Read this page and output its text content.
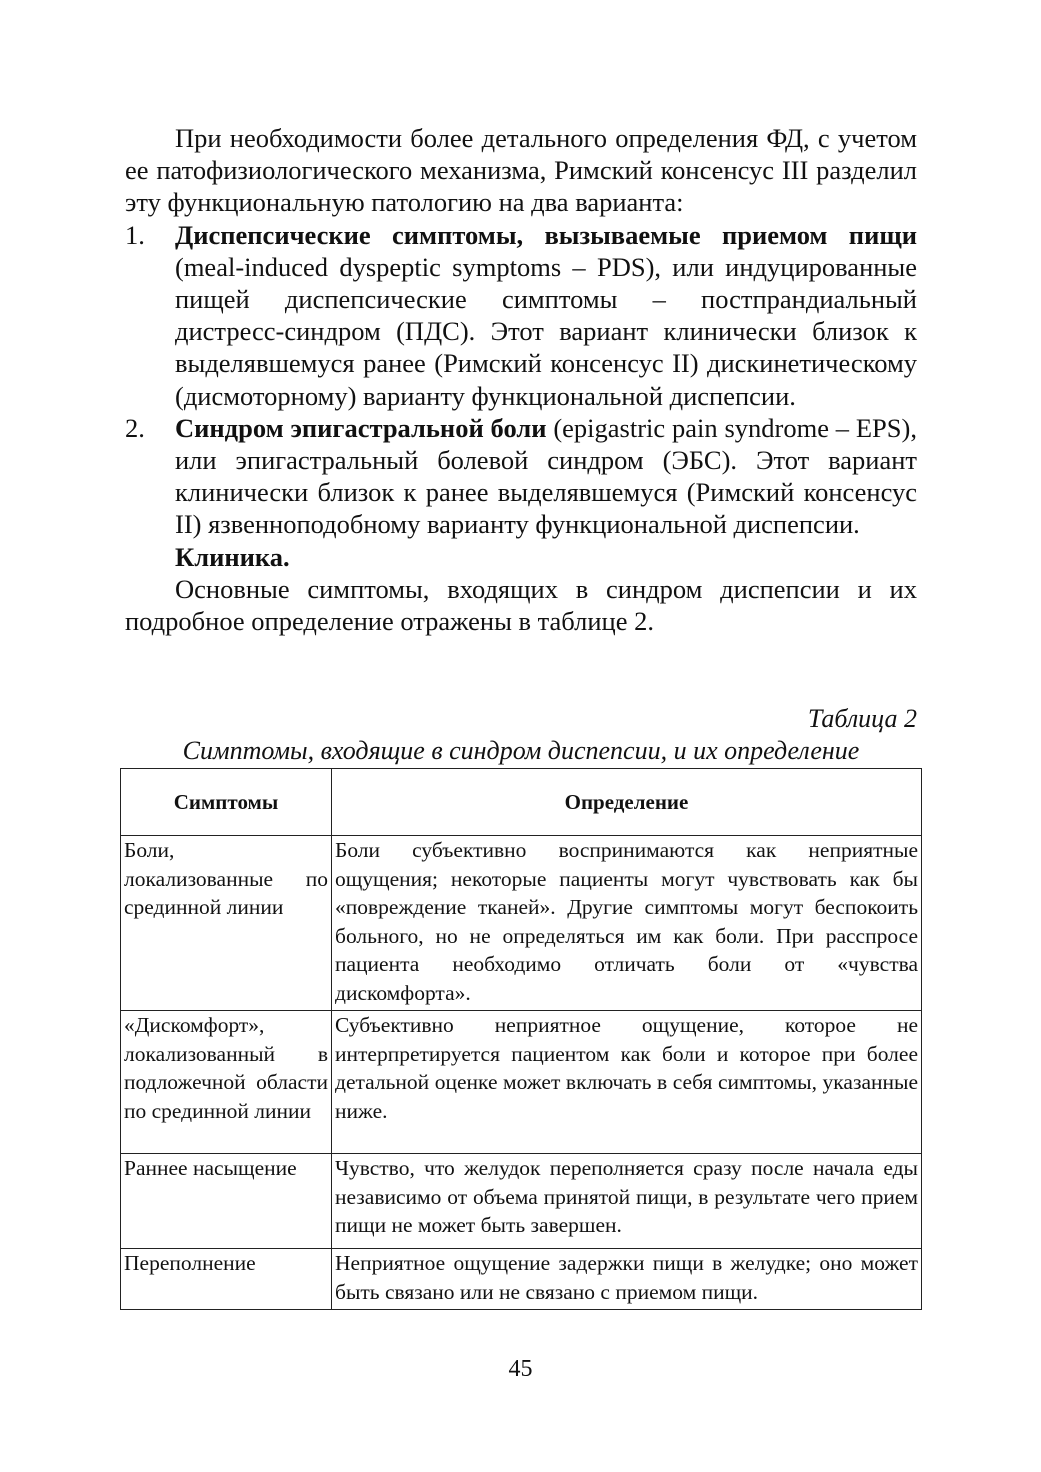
При необходимости более детального определения ФД, с учетом ее патофизиологического механизма, Римский консенсус III разделил эту функциональную патологию на два варианта:

1. Диспепсические симптомы, вызываемые приемом пищи (meal-induced dyspeptic symptoms – PDS), или индуцированные пищей диспепсические симптомы – постпрандиальный дистресс-синдром (ПДС). Этот вариант клинически близок к выделявшемуся ранее (Римский консенсус II) дискинетическому (дисмоторному) варианту функциональной диспепсии.
2. Синдром эпигастральной боли (epigastric pain syndrome – EPS), или эпигастральный болевой синдром (ЭБС). Этот вариант клинически близок к ранее выделявшемуся (Римский консенсус II) язвенноподобному варианту функциональной диспепсии.

Клиника.

Основные симптомы, входящих в синдром диспепсии и их подробное определение отражены в таблице 2.

Таблица 2
Симптомы, входящие в синдром диспепсии, и их определение
Симптомы	Определение
Боли, локализованные по срединной линии	Боли субъективно воспринимаются как неприятные ощущения; некоторые пациенты могут чувствовать как бы «повреждение тканей». Другие симптомы могут беспокоить больного, но не определяться им как боли. При расспросе пациента необходимо отличать боли от «чувства дискомфорта».
«Дискомфорт», локализованный в подложечной области по срединной линии	Субъективно неприятное ощущение, которое не интерпретируется пациентом как боли и которое при более детальной оценке может включать в себя симптомы, указанные ниже.
Раннее насыщение	Чувство, что желудок переполняется сразу после начала еды независимо от объема принятой пищи, в результате чего прием пищи не может быть завершен.
Переполнение	Неприятное ощущение задержки пищи в желудке; оно может быть связано или не связано с приемом пищи.
45
